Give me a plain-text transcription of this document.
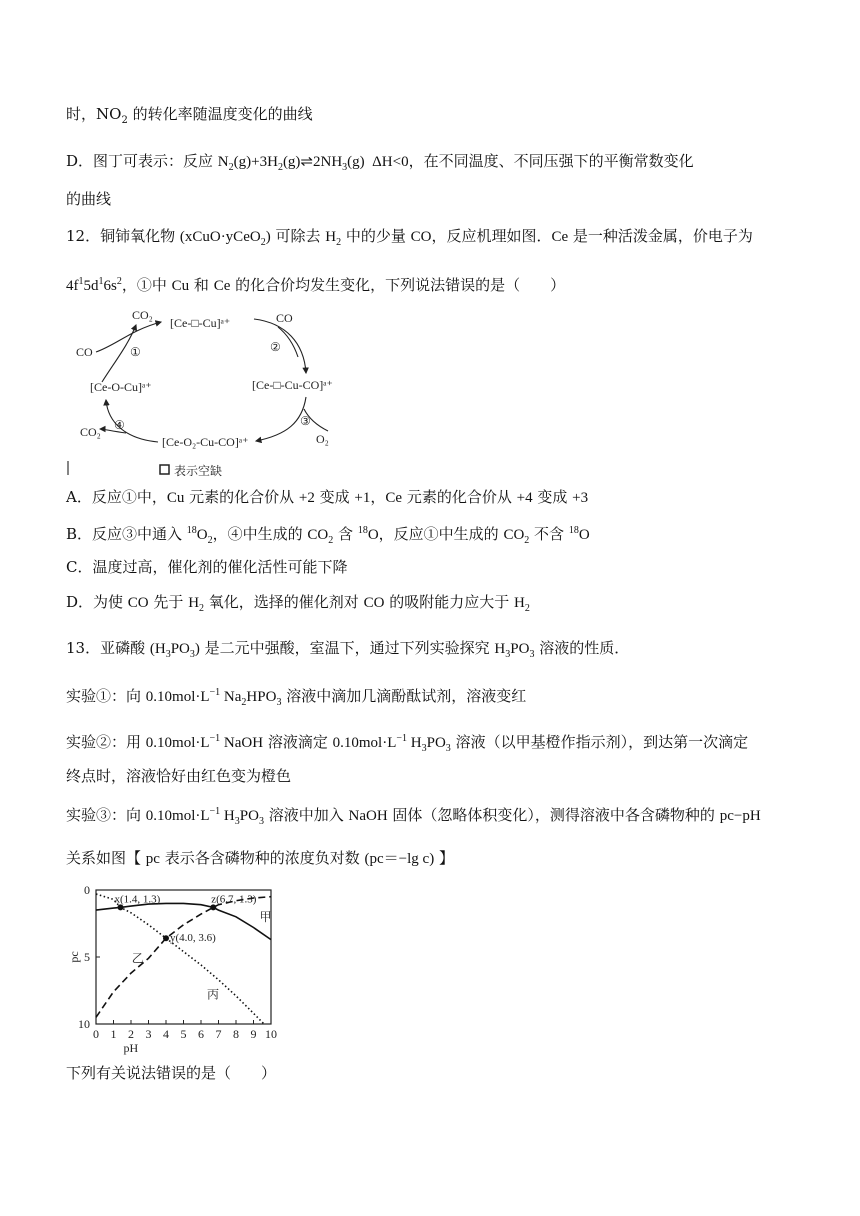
时，$NO_2$ 的转化率随温度变化的曲线
D．图丁可表示：反应 $N_2(g)+3H_2(g)\rightleftharpoons 2NH_3(g)$  ΔH<0，在不同温度、不同压强下的平衡常数变化
的曲线
12．铜铈氧化物 (xCuO·yCeO$_2$) 可除去 $H_2$ 中的少量 CO，反应机理如图．Ce 是一种活泼金属，价电子为
$4f^15d^16s^2$，①中 Cu 和 Ce 的化合价均发生变化，下列说法错误的是（　　）
[Ce-□-Cu]ᵃ⁺
[Ce-□-Cu-CO]ᵃ⁺
[Ce-O₂-Cu-CO]ᵃ⁺
[Ce-O-Cu]ᵃ⁺
CO
CO₂	CO
O₂
CO₂
①	②
③
④
表示空缺
A．反应①中，Cu 元素的化合价从 +2 变成 +1，Ce 元素的化合价从 +4 变成 +3
B．反应③中通入 $^{18}O_2$，④中生成的 $CO_2$ 含 $^{18}$O，反应①中生成的 $CO_2$ 不含 $^{18}$O
C．温度过高，催化剂的催化活性可能下降
D．为使 CO 先于 $H_2$ 氧化，选择的催化剂对 CO 的吸附能力应大于 $H_2$
13．亚磷酸 $(H_3PO_3)$ 是二元中强酸，室温下，通过下列实验探究 $H_3PO_3$ 溶液的性质．
实验①：向 $0.10mol\cdot L^{-1}$ $Na_2HPO_3$ 溶液中滴加几滴酚酞试剂，溶液变红
实验②：用 $0.10mol\cdot L^{-1}$ NaOH 溶液滴定 $0.10mol\cdot L^{-1}$ $H_3PO_3$ 溶液（以甲基橙作指示剂），到达第一次滴定
终点时，溶液恰好由红色变为橙色
实验③：向 $0.10mol\cdot L^{-1}$ $H_3PO_3$ 溶液中加入 NaOH 固体（忽略体积变化），测得溶液中各含磷物种的 pc−pH
关系如图【 pc 表示各含磷物种的浓度负对数 (pc＝−lg c) 】
0 1 2 3 4 5 6 7 8 9 10
0
5
10
pH
pc
甲
乙
丙
x(1.4, 1.3)
y(4.0, 3.6)
z(6.7, 1.3)
下列有关说法错误的是（　　）
